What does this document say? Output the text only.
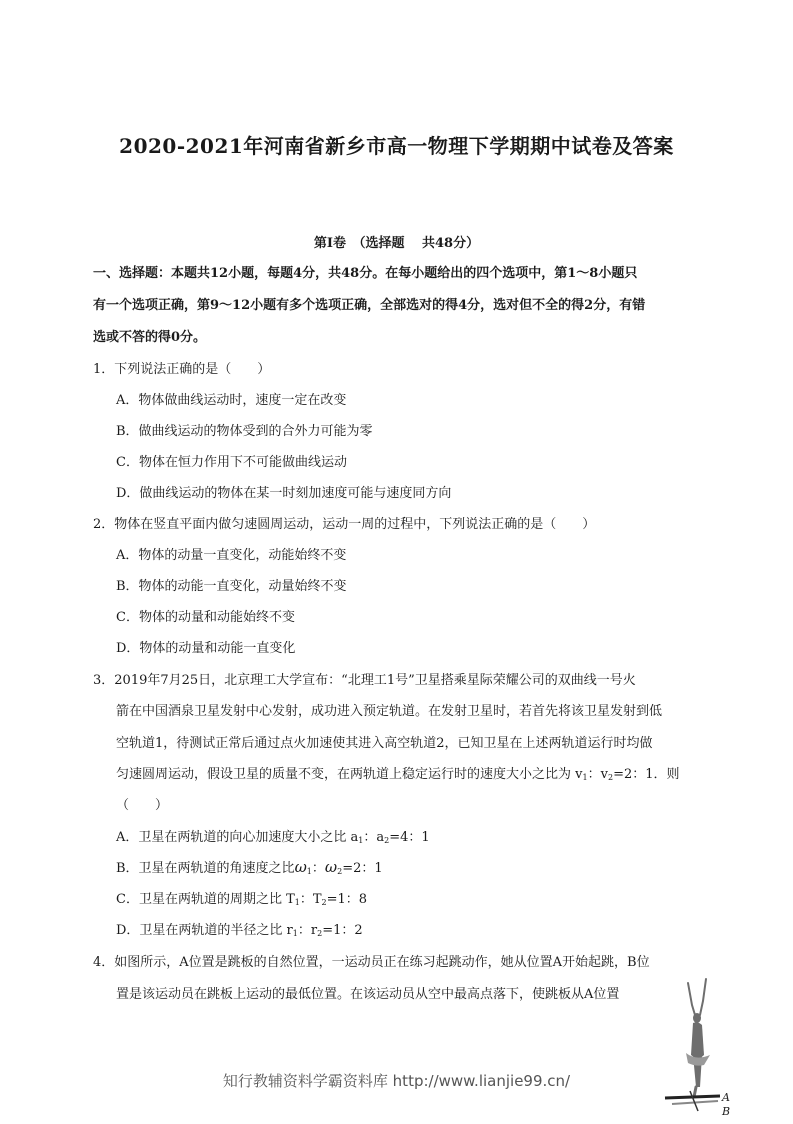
2020-2021年河南省新乡市高一物理下学期期中试卷及答案
第Ⅰ卷　（选择题　 共48分）
一、选择题：本题共12小题，每题4分，共48分。在每小题给出的四个选项中，第1～8小题只
有一个选项正确，第9～12小题有多个选项正确，全部选对的得4分，选对但不全的得2分，有错
选或不答的得0分。
1．下列说法正确的是（　　）
A．物体做曲线运动时，速度一定在改变
B．做曲线运动的物体受到的合外力可能为零
C．物体在恒力作用下不可能做曲线运动
D．做曲线运动的物体在某一时刻加速度可能与速度同方向
2．物体在竖直平面内做匀速圆周运动，运动一周的过程中，下列说法正确的是（　　）
A．物体的动量一直变化，动能始终不变
B．物体的动能一直变化，动量始终不变
C．物体的动量和动能始终不变
D．物体的动量和动能一直变化
3．2019年7月25日，北京理工大学宣布：“北理工1号”卫星搭乘星际荣耀公司的双曲线一号火
箭在中国酒泉卫星发射中心发射，成功进入预定轨道。在发射卫星时，若首先将该卫星发射到低
空轨道1，待测试正常后通过点火加速使其进入高空轨道2，已知卫星在上述两轨道运行时均做
匀速圆周运动，假设卫星的质量不变，在两轨道上稳定运行时的速度大小之比为 $v_1$：$v_2=2$：1．则
（　　）
A．卫星在两轨道的向心加速度大小之比 $a_1$：$a_2=4$：1
B．卫星在两轨道的角速度之比$\omega_1$：$\omega_2=2$：1
C．卫星在两轨道的周期之比 $T_1$：$T_2=1$：8
D．卫星在两轨道的半径之比 $r_1$：$r_2=1$：2
4．如图所示，A位置是跳板的自然位置，一运动员正在练习起跳动作，她从位置A开始起跳，B位
置是该运动员在跳板上运动的最低位置。在该运动员从空中最高点落下，使跳板从A位置
A
B
知行教辅资料学霸资料库 http://www.lianjie99.cn/
